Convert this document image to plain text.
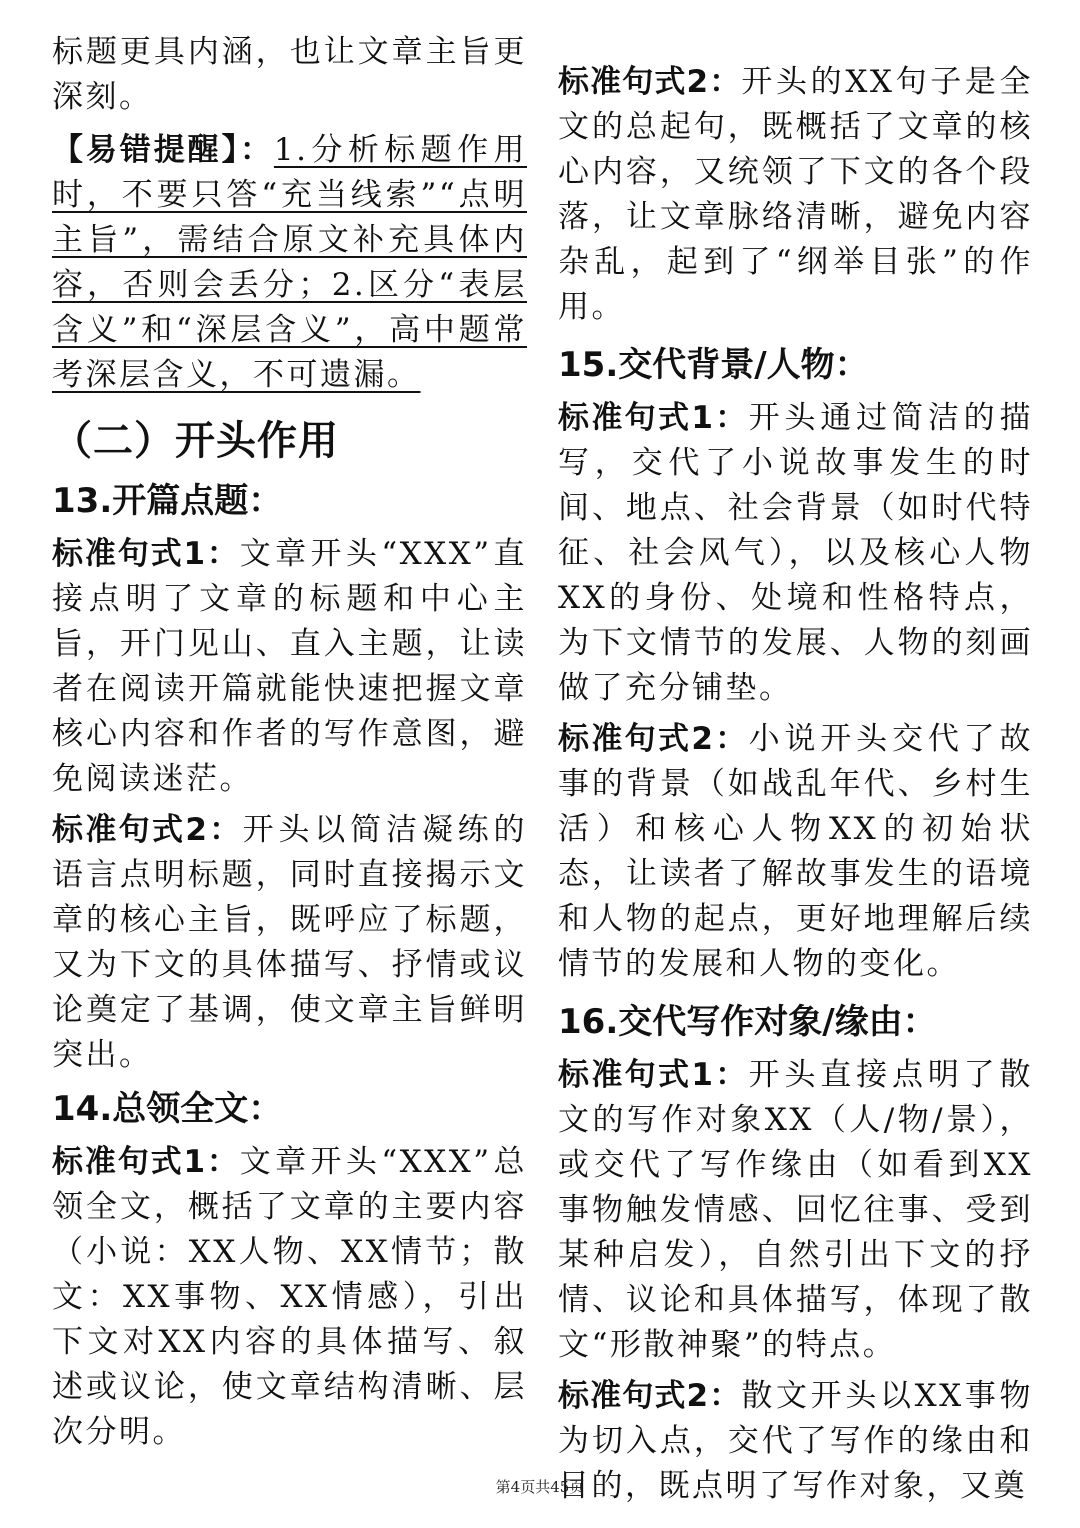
标题更具内涵，也让文章主旨更深刻。

【易错提醒】：1.分析标题作用时，不要只答“充当线索”“点明主旨”，需结合原文补充具体内容，否则会丢分；2.区分“表层含义”和“深层含义”，高中题常考深层含义，不可遗漏。

（二）开头作用
13.开篇点题：

标准句式1：文章开头“XXX”直接点明了文章的标题和中心主旨，开门见山、直入主题，让读者在阅读开篇就能快速把握文章核心内容和作者的写作意图，避免阅读迷茫。

标准句式2：开头以简洁凝练的语言点明标题，同时直接揭示文章的核心主旨，既呼应了标题，又为下文的具体描写、抒情或议论奠定了基调，使文章主旨鲜明突出。

14.总领全文：

标准句式1：文章开头“XXX”总领全文，概括了文章的主要内容（小说：XX人物、XX情节；散文：XX事物、XX情感），引出下文对XX内容的具体描写、叙述或议论，使文章结构清晰、层次分明。

标准句式2：开头的XX句子是全文的总起句，既概括了文章的核心内容，又统领了下文的各个段落，让文章脉络清晰，避免内容杂乱，起到了“纲举目张”的作用。

15.交代背景/人物：

标准句式1：开头通过简洁的描写，交代了小说故事发生的时间、地点、社会背景（如时代特征、社会风气），以及核心人物XX的身份、处境和性格特点，为下文情节的发展、人物的刻画做了充分铺垫。

标准句式2：小说开头交代了故事的背景（如战乱年代、乡村生活）和核心人物XX的初始状态，让读者了解故事发生的语境和人物的起点，更好地理解后续情节的发展和人物的变化。

16.交代写作对象/缘由：

标准句式1：开头直接点明了散文的写作对象XX（人/物/景），或交代了写作缘由（如看到XX事物触发情感、回忆往事、受到某种启发），自然引出下文的抒情、议论和具体描写，体现了散文“形散神聚”的特点。

标准句式2：散文开头以XX事物为切入点，交代了写作的缘由和目的，既点明了写作对象，又奠

第4页共45页
